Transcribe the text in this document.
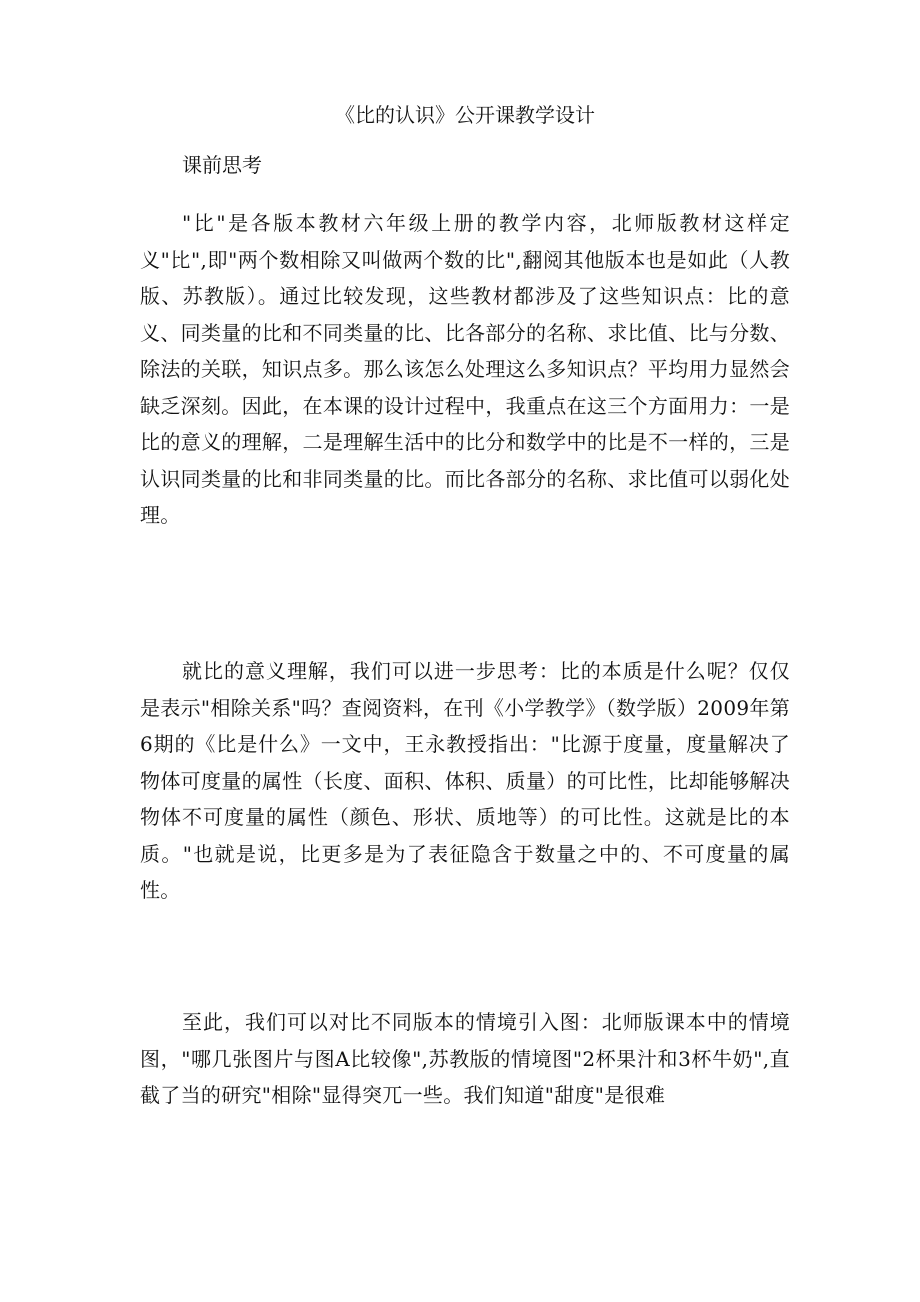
《比的认识》公开课教学设计
课前思考

"比"是各版本教材六年级上册的教学内容，北师版教材这样定义"比",即"两个数相除又叫做两个数的比",翻阅其他版本也是如此（人教版、苏教版）。通过比较发现，这些教材都涉及了这些知识点：比的意义、同类量的比和不同类量的比、比各部分的名称、求比值、比与分数、除法的关联，知识点多。那么该怎么处理这么多知识点？平均用力显然会缺乏深刻。因此，在本课的设计过程中，我重点在这三个方面用力：一是比的意义的理解，二是理解生活中的比分和数学中的比是不一样的，三是认识同类量的比和非同类量的比。而比各部分的名称、求比值可以弱化处理。

就比的意义理解，我们可以进一步思考：比的本质是什么呢？仅仅是表示"相除关系"吗？查阅资料，在刊《小学教学》（数学版）2009年第6期的《比是什么》一文中，王永教授指出："比源于度量，度量解决了物体可度量的属性（长度、面积、体积、质量）的可比性，比却能够解决物体不可度量的属性（颜色、形状、质地等）的可比性。这就是比的本质。"也就是说，比更多是为了表征隐含于数量之中的、不可度量的属性。

至此，我们可以对比不同版本的情境引入图：北师版课本中的情境图，"哪几张图片与图A比较像",苏教版的情境图"2杯果汁和3杯牛奶",直截了当的研究"相除"显得突兀一些。我们知道"甜度"是很难
